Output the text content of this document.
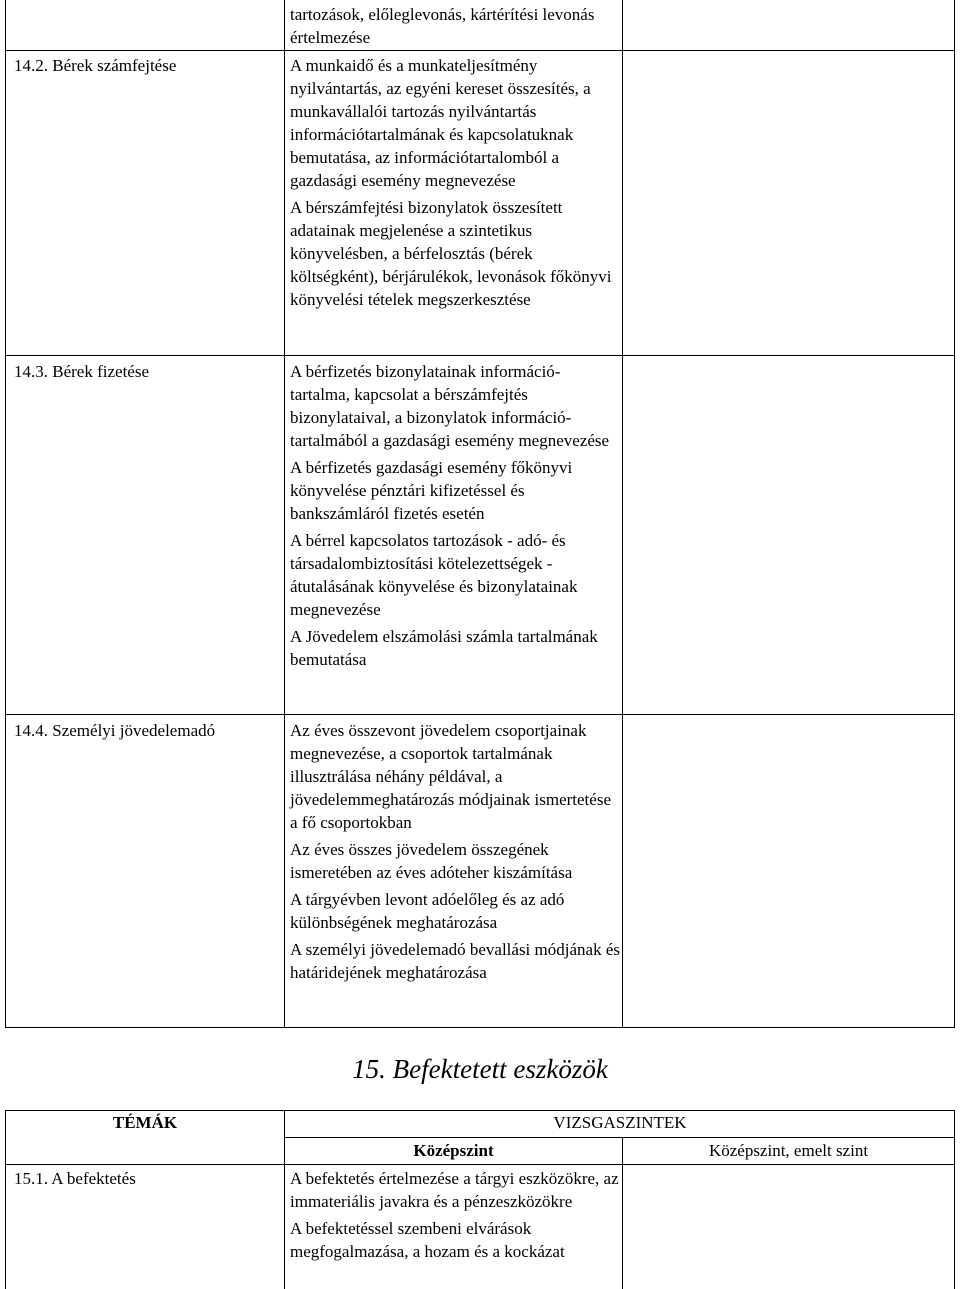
tartozások, előleglevonás, kártérítési levonás értelmezése

14.2. Bérek számfejtése	A munkaidő és a munkateljesítmény nyilvántartás, az egyéni kereset összesítés, a munkavállalói tartozás nyilvántartás információtartalmának és kapcsolatuknak bemutatása, az információtartalomból a gazdasági esemény megnevezése

A bérszámfejtési bizonylatok összesített adatainak megjelenése a szintetikus könyvelésben, a bérfelosztás (bérek költségként), bérjárulékok, levonások főkönyvi könyvelési tételek megszerkesztése

14.3. Bérek fizetése	A bérfizetés bizonylatainak információ-tartalma, kapcsolat a bérszámfejtés bizonylataival, a bizonylatok információ-tartalmából a gazdasági esemény megnevezése

A bérfizetés gazdasági esemény főkönyvi könyvelése pénztári kifizetéssel és bankszámláról fizetés esetén

A bérrel kapcsolatos tartozások - adó- és társadalombiztosítási kötelezettségek - átutalásának könyvelése és bizonylatainak megnevezése

A Jövedelem elszámolási számla tartalmának bemutatása

14.4. Személyi jövedelemadó	Az éves összevont jövedelem csoportjainak megnevezése, a csoportok tartalmának illusztrálása néhány példával, a jövedelemmeghatározás módjainak ismertetése a fő csoportokban

Az éves összes jövedelem összegének ismeretében az éves adóteher kiszámítása

A tárgyévben levont adóelőleg és az adó különbségének meghatározása

A személyi jövedelemadó bevallási módjának és határidejének meghatározása

15. Befektetett eszközök
TÉMÁK	VIZSGASZINTEK
Középszint	Középszint, emelt szint
15.1. A befektetés	A befektetés értelmezése a tárgyi eszközökre, az immateriális javakra és a pénzeszközökre

A befektetéssel szembeni elvárások megfogalmazása, a hozam és a kockázat
